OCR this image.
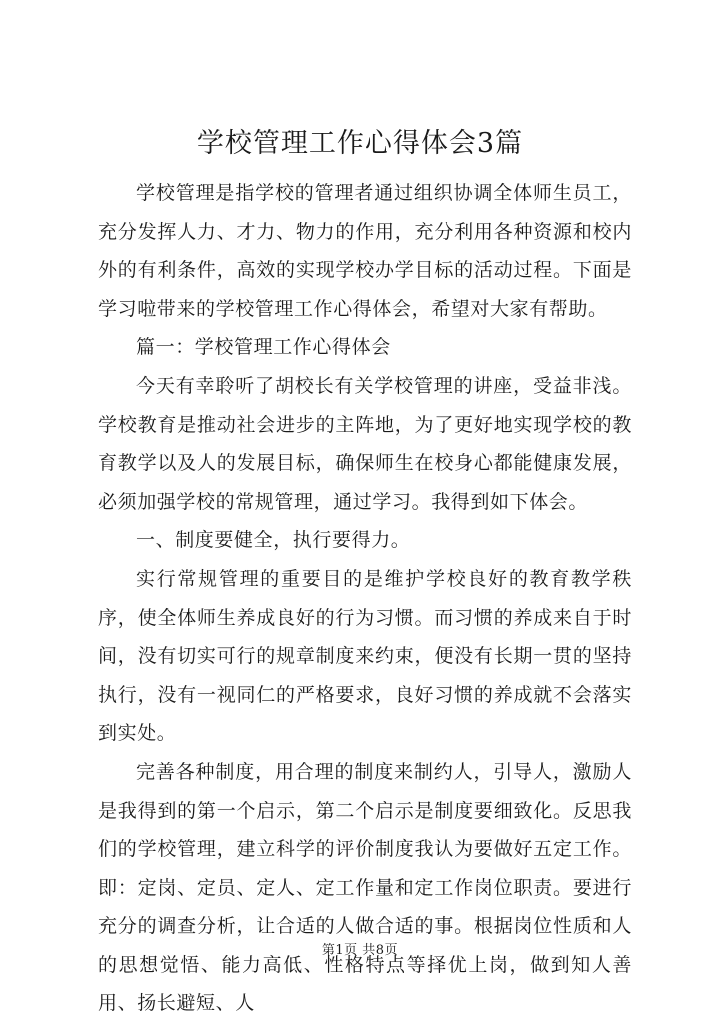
学校管理工作心得体会3篇

学校管理是指学校的管理者通过组织协调全体师生员工，充分发挥人力、才力、物力的作用，充分利用各种资源和校内外的有利条件，高效的实现学校办学目标的活动过程。下面是学习啦带来的学校管理工作心得体会，希望对大家有帮助。

篇一：学校管理工作心得体会

今天有幸聆听了胡校长有关学校管理的讲座，受益非浅。学校教育是推动社会进步的主阵地，为了更好地实现学校的教育教学以及人的发展目标，确保师生在校身心都能健康发展，必须加强学校的常规管理，通过学习。我得到如下体会。

一、制度要健全，执行要得力。

实行常规管理的重要目的是维护学校良好的教育教学秩序，使全体师生养成良好的行为习惯。而习惯的养成来自于时间，没有切实可行的规章制度来约束，便没有长期一贯的坚持执行，没有一视同仁的严格要求，良好习惯的养成就不会落实到实处。

完善各种制度，用合理的制度来制约人，引导人，激励人是我得到的第一个启示，第二个启示是制度要细致化。反思我们的学校管理，建立科学的评价制度我认为要做好五定工作。即：定岗、定员、定人、定工作量和定工作岗位职责。要进行充分的调查分析，让合适的人做合适的事。根据岗位性质和人的思想觉悟、能力高低、性格特点等择优上岗，做到知人善用、扬长避短、人

第1页 共8页
